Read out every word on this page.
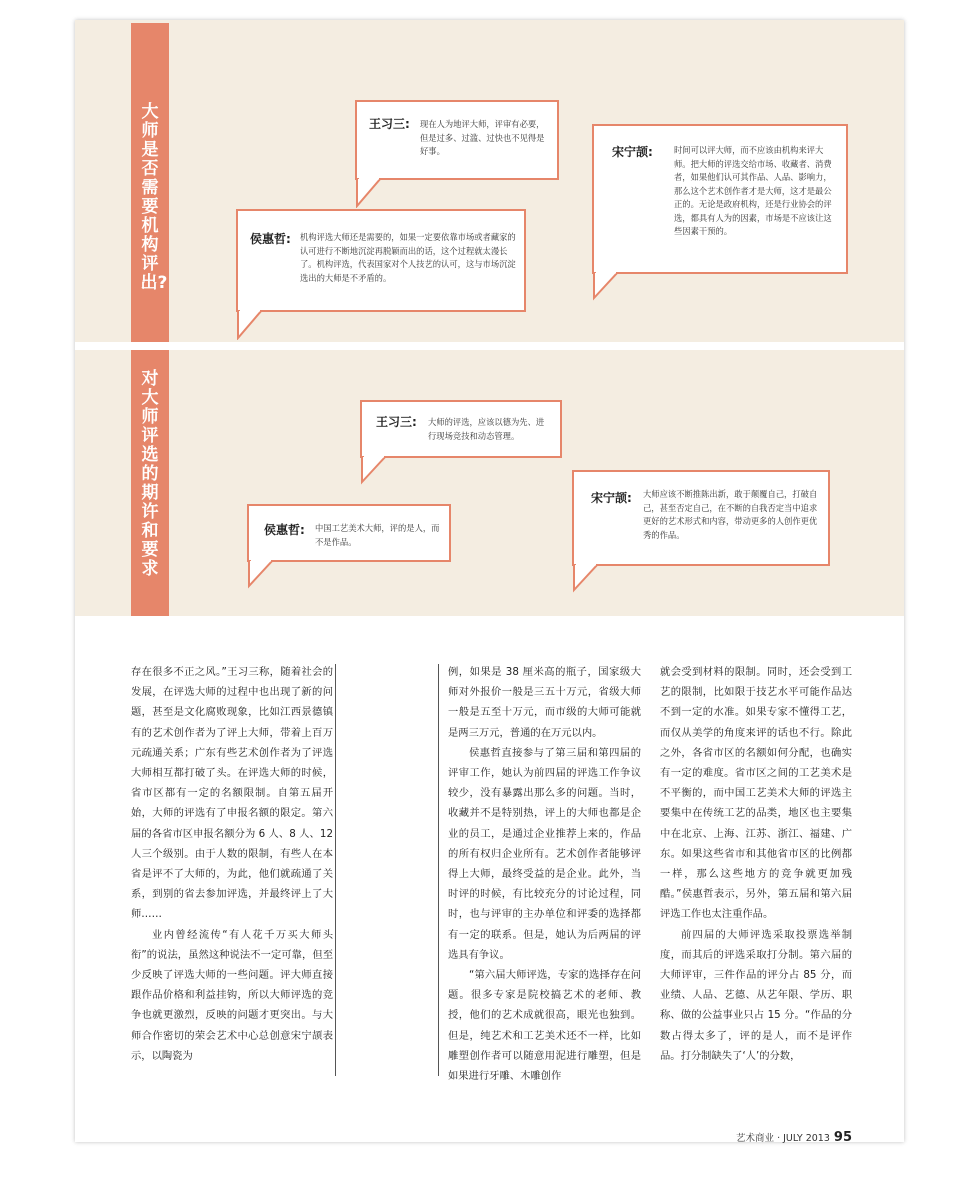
大师是否需要机构评出?
王习三: 现在人为地评大师，评审有必要，但是过多、过滥、过快也不见得是好事。	宋宁颉:	时间可以评大师，而不应该由机构来评大师。把大师的评选交给市场、收藏者、消费者，如果他们认可其作品、人品、影响力，那么这个艺术创作者才是大师，这才是最公正的。无论是政府机构，还是行业协会的评选，都具有人为的因素，市场是不应该让这些因素干预的。
侯惠哲: 机构评选大师还是需要的，如果一定要依靠市场或者藏家的认可进行不断地沉淀再脱颖而出的话，这个过程就太漫长了。机构评选，代表国家对个人技艺的认可，这与市场沉淀选出的大师是不矛盾的。
对大师评选的期许和要求
王习三: 大师的评选，应该以德为先、进行现场竞技和动态管理。
宋宁颉: 大师应该不断推陈出新，敢于颠覆自己，打破自己，甚至否定自己，在不断的自我否定当中追求更好的艺术形式和内容，带动更多的人创作更优秀的作品。
侯惠哲: 中国工艺美术大师，评的是人，而不是作品。

存在很多不正之风。”王习三称，随着社会的发展，在评选大师的过程中也出现了新的问题，甚至是文化腐败现象，比如江西景德镇有的艺术创作者为了评上大师，带着上百万元疏通关系；广东有些艺术创作者为了评选大师相互都打破了头。在评选大师的时候，省市区都有一定的名额限制。自第五届开始，大师的评选有了申报名额的限定。第六届的各省市区申报名额分为 6 人、8 人、12 人三个级别。由于人数的限制，有些人在本省是评不了大师的，为此，他们就疏通了关系，到别的省去参加评选，并最终评上了大师……

业内曾经流传“有人花千万买大师头衔”的说法，虽然这种说法不一定可靠，但至少反映了评选大师的一些问题。评大师直接跟作品价格和利益挂钩，所以大师评选的竞争也就更激烈，反映的问题才更突出。与大师合作密切的荣会艺术中心总创意宋宁颉表示，以陶瓷为

例，如果是 38 厘米高的瓶子，国家级大师对外报价一般是三五十万元，省级大师一般是五至十万元，而市级的大师可能就是两三万元，普通的在万元以内。

侯惠哲直接参与了第三届和第四届的评审工作，她认为前四届的评选工作争议较少，没有暴露出那么多的问题。当时，收藏并不是特别热，评上的大师也都是企业的员工，是通过企业推荐上来的，作品的所有权归企业所有。艺术创作者能够评得上大师，最终受益的是企业。此外，当时评的时候，有比较充分的讨论过程，同时，也与评审的主办单位和评委的选择都有一定的联系。但是，她认为后两届的评选具有争议。

“第六届大师评选，专家的选择存在问题。很多专家是院校搞艺术的老师、教授，他们的艺术成就很高，眼光也独到。但是，纯艺术和工艺美术还不一样，比如雕塑创作者可以随意用泥进行雕塑，但是如果进行牙雕、木雕创作

就会受到材料的限制。同时，还会受到工艺的限制，比如限于技艺水平可能作品达不到一定的水准。如果专家不懂得工艺，而仅从美学的角度来评的话也不行。除此之外，各省市区的名额如何分配，也确实有一定的难度。省市区之间的工艺美术是不平衡的，而中国工艺美术大师的评选主要集中在传统工艺的品类，地区也主要集中在北京、上海、江苏、浙江、福建、广东。如果这些省市和其他省市区的比例都一样，那么这些地方的竞争就更加残酷。”侯惠哲表示，另外，第五届和第六届评选工作也太注重作品。

前四届的大师评选采取投票选举制度，而其后的评选采取打分制。第六届的大师评审，三件作品的评分占 85 分，而业绩、人品、艺德、从艺年限、学历、职称、做的公益事业只占 15 分。“作品的分数占得太多了，评的是人，而不是评作品。打分制缺失了‘人’的分数，

艺术商业 · JULY 2013 95
